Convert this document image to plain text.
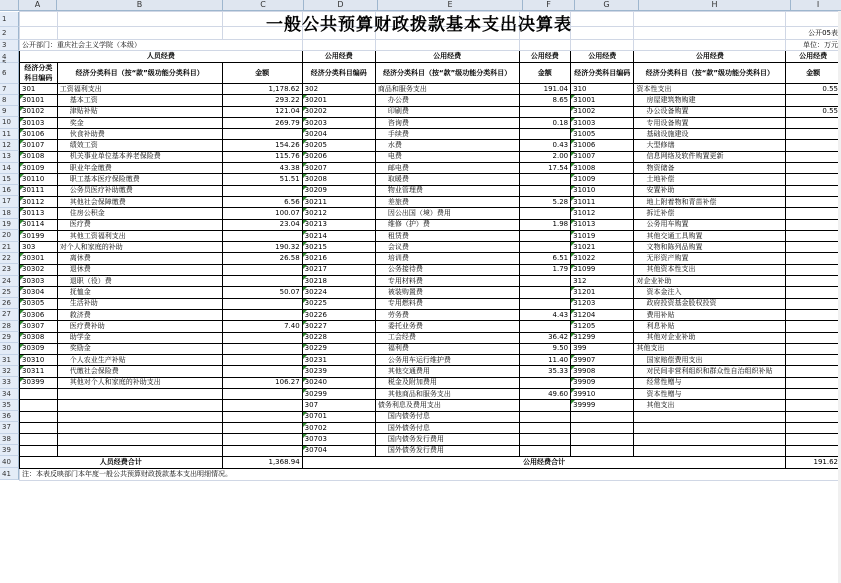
A	B	C	D	E	F	G	H	I
1
2
3
4
6
7
8
9
10
11
12
13
14
15
16
17
18
19
20
21
22
23
24
25
26
27
28
29
30
31
32
33
34
35
36
37
38
39
40
41

								公开05表
公开部门：重庆社会主义学院（本级）								单位：万元
人员经费			公用经费	公用经费	公用经费	公用经费	公用经费	公用经费
经济分类科目编码	经济分类科目（按“款”级功能分类科目）	金额	经济分类科目编码	经济分类科目（按“款”级功能分类科目）	金额	经济分类科目编码	经济分类科目（按“款”级功能分类科目）	金额

301	工资福利支出	1,178.62	302	商品和服务支出	191.04	310	资本性支出	0.55
30101	基本工资	293.22	30201	办公费	8.65	31001	房屋建筑物购建	
30102	津贴补贴	121.04	30202	印刷费		31002	办公设备购置	0.55
30103	奖金	269.79	30203	咨询费	0.18	31003	专用设备购置	
30106	伙食补助费		30204	手续费		31005	基础设施建设	
30107	绩效工资	154.26	30205	水费	0.43	31006	大型修缮	
30108	机关事业单位基本养老保险费	115.76	30206	电费	2.00	31007	信息网络及软件购置更新	
30109	职业年金缴费	43.38	30207	邮电费	17.54	31008	物资储备	
30110	职工基本医疗保险缴费	51.51	30208	取暖费		31009	土地补偿	
30111	公务员医疗补助缴费		30209	物业管理费		31010	安置补助	
30112	其他社会保障缴费	6.56	30211	差旅费	5.28	31011	地上附着物和青苗补偿	
30113	住房公积金	100.07	30212	因公出国（境）费用		31012	拆迁补偿	
30114	医疗费	23.04	30213	维修（护）费	1.98	31013	公务用车购置	
30199	其他工资福利支出		30214	租赁费		31019	其他交通工具购置	
303	对个人和家庭的补助	190.32	30215	会议费		31021	文物和陈列品购置	
30301	离休费	26.58	30216	培训费	6.51	31022	无形资产购置	
30302	退休费		30217	公务接待费	1.79	31099	其他资本性支出	
30303	退职（役）费		30218	专用材料费		312	对企业补助	
30304	抚恤金	50.07	30224	被装购置费		31201	资本金注入	
30305	生活补助		30225	专用燃料费		31203	政府投资基金股权投资	
30306	救济费		30226	劳务费	4.43	31204	费用补贴	
30307	医疗费补助	7.40	30227	委托业务费		31205	利息补贴	
30308	助学金		30228	工会经费	36.42	31299	其他对企业补助	
30309	奖励金		30229	福利费	9.50	399	其他支出	
30310	个人农业生产补贴		30231	公务用车运行维护费	11.40	39907	国家赔偿费用支出	
30311	代缴社会保险费		30239	其他交通费用	35.33	39908	对民间非营利组织和群众性自治组织补贴	
30399	其他对个人和家庭的补助支出	106.27	30240	税金及附加费用		39909	经常性赠与	
			30299	其他商品和服务支出	49.60	39910	资本性赠与	
			307	债务利息及费用支出		39999	其他支出	
			30701	国内债务付息				
			30702	国外债务付息				
			30703	国内债务发行费用				
			30704	国外债务发行费用				
人员经费合计		1,368.94	公用经费合计					191.62
注：本表反映部门本年度一般公共预算财政拨款基本支出明细情况。								
一般公共预算财政拨款基本支出决算表
